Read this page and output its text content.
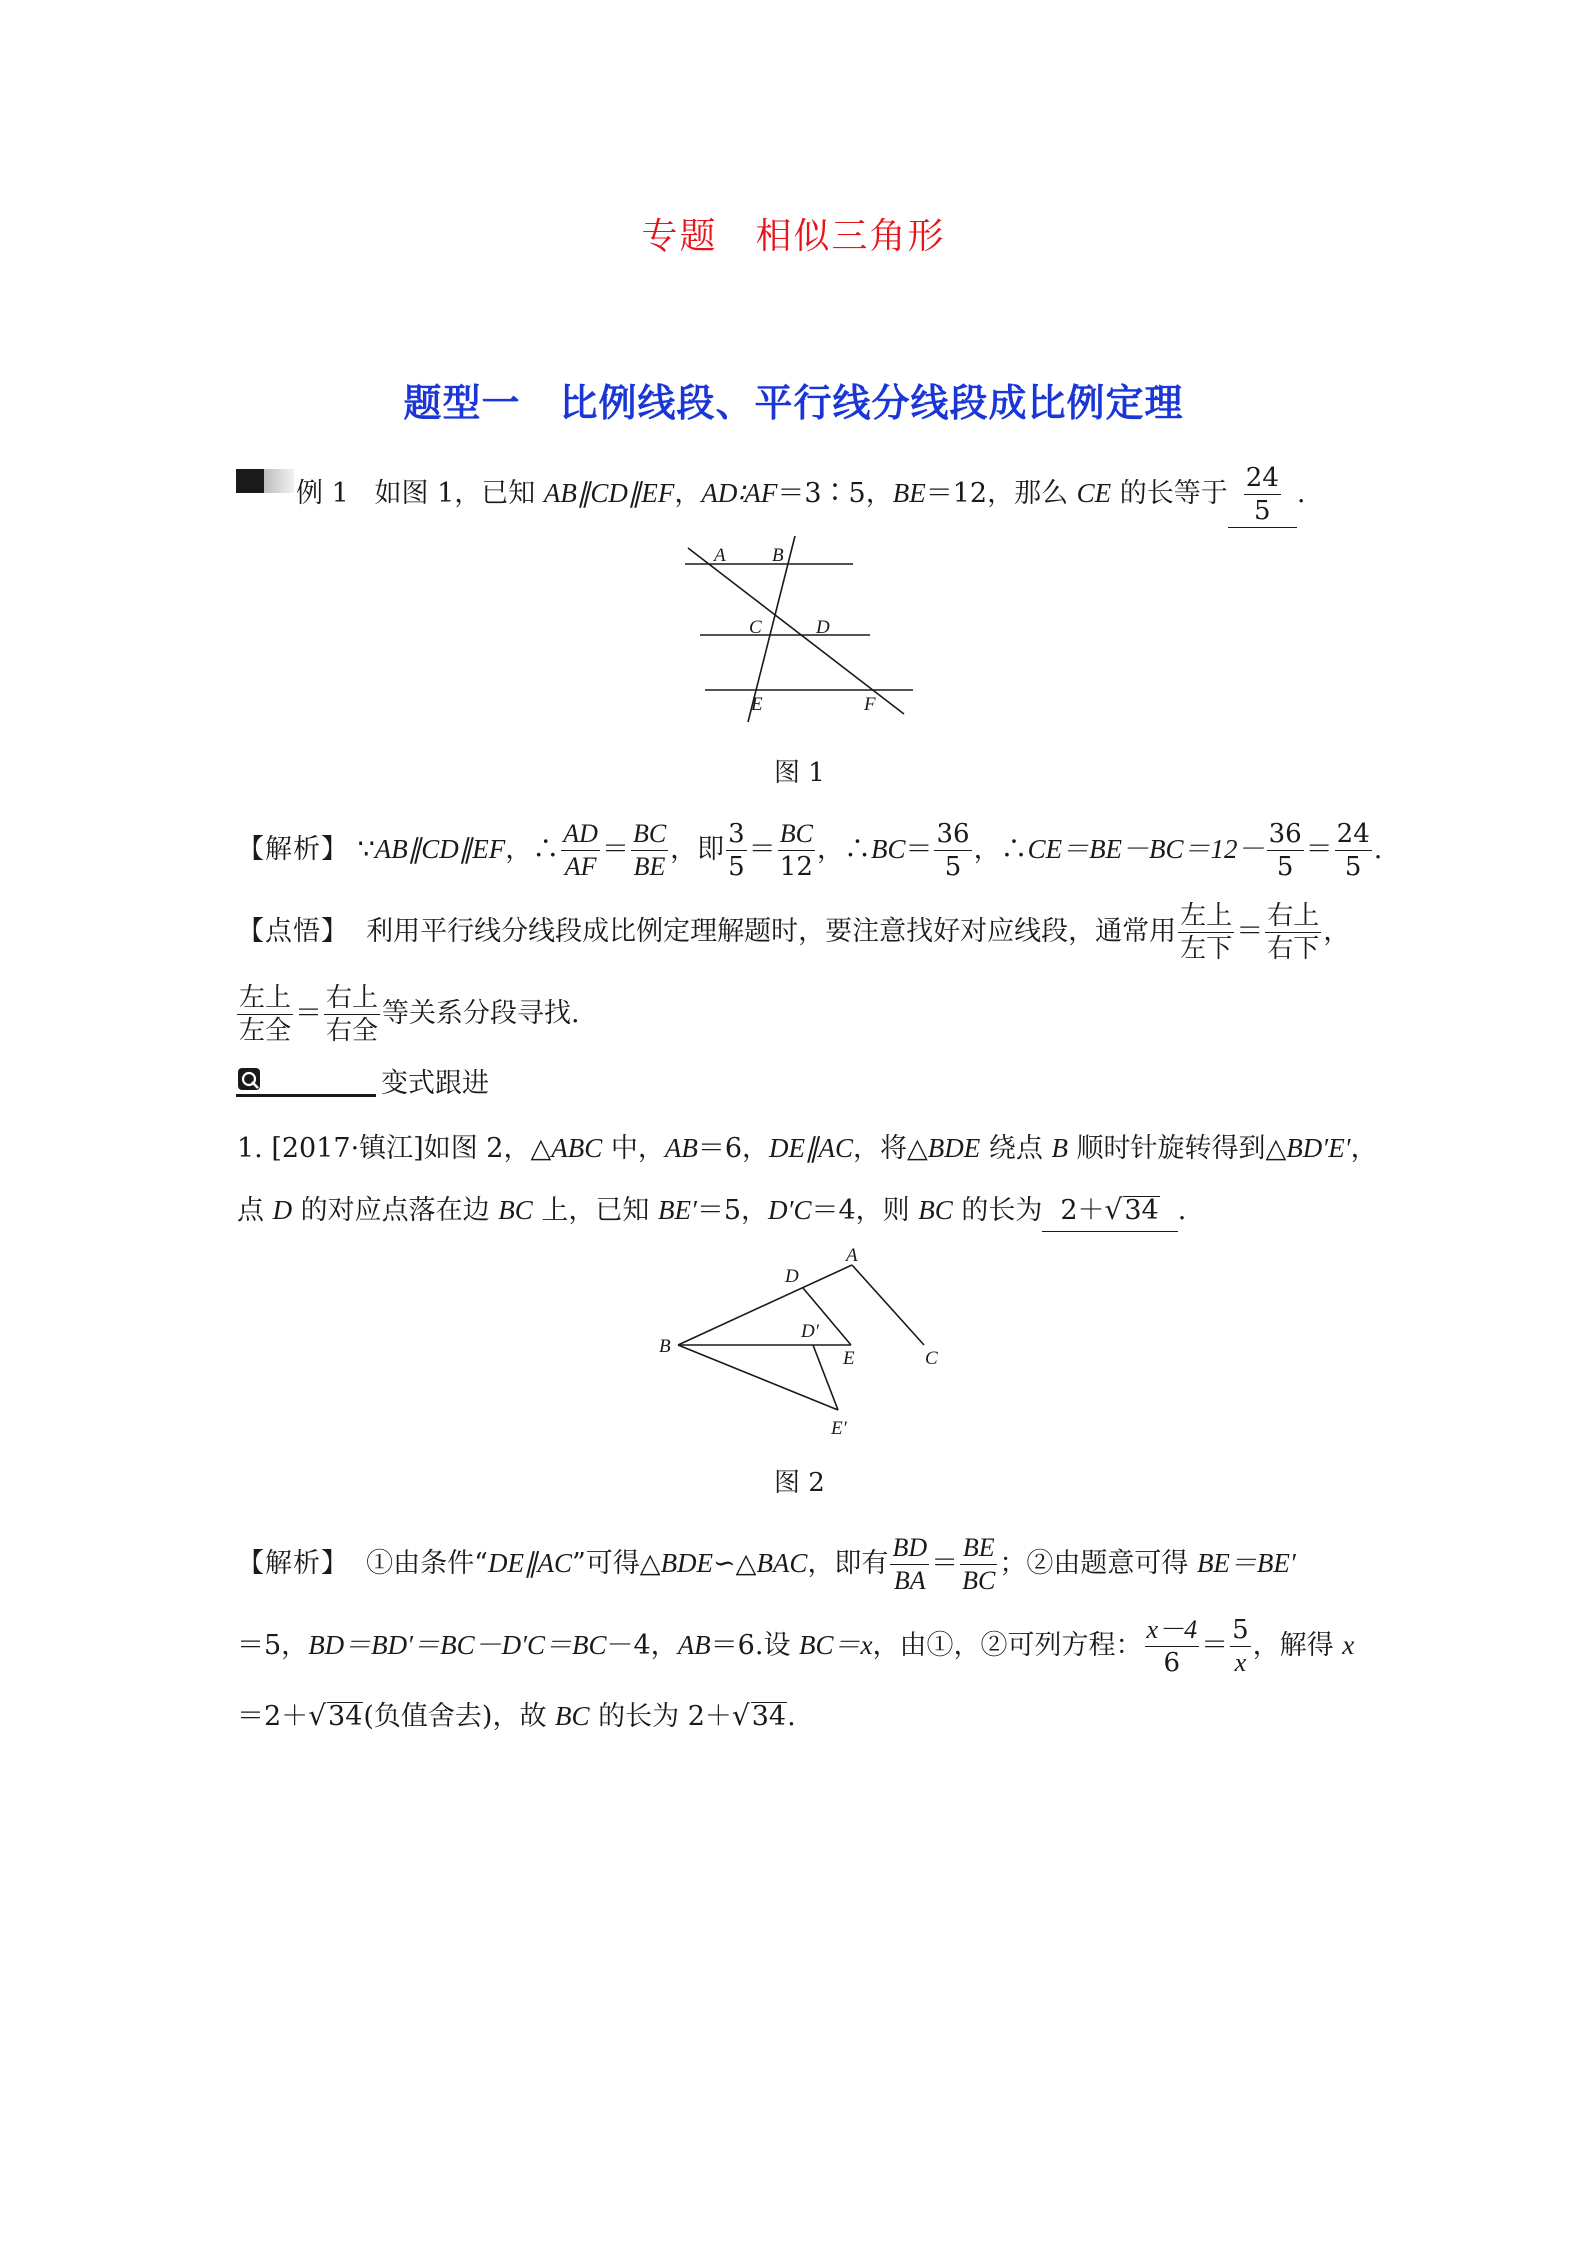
专题　相似三角形
题型一　比例线段、平行线分线段成比例定理
例 1 如图 1，已知 AB∥CD∥EF，AD∶AF＝3∶5，BE＝12，那么 CE 的长等于 $\frac{24}{5}$ .
A B
C	D
E	F
图 1
【解析】 ∵AB∥CD∥EF，∴ $\frac{AD}{AF} = \frac{BC}{BE}$ ，即 $\frac{3}{5} = \frac{BC}{12}$ ，∴BC＝ $\frac{36}{5}$ ，∴CE＝BE－BC＝12－ $\frac{36}{5} = \frac{24}{5}$ .
【点悟】 利用平行线分线段成比例定理解题时，要注意找好对应线段，通常用 $\frac{\text{左上}}{\text{左下}} = \frac{\text{右上}}{\text{右下}}$ ，
$\frac{\text{左上}}{\text{左全}} = \frac{\text{右上}}{\text{右全}}$ 等关系分段寻找.
变式跟进
1. [2017·镇江]如图 2，△ABC 中，AB＝6，DE∥AC，将△BDE 绕点 B 顺时针旋转得到△BD′E′，
点 D 的对应点落在边 BC 上，已知 BE′＝5，D′C＝4，则 BC 的长为 2＋√34 .
A
D
D′
B
E	C
E′
图 2
【解析】 ①由条件“DE∥AC”可得△BDE∽△BAC，即有 $\frac{BD}{BA} = \frac{BE}{BC}$ ；②由题意可得 BE＝BE′
＝5，BD＝BD′＝BC－D′C＝BC－4，AB＝6.设 BC＝x，由①，②可列方程： $\frac{x-4}{6} = \frac{5}{x}$ ，解得 x
＝2＋√34(负值舍去)，故 BC 的长为 2＋√34.
